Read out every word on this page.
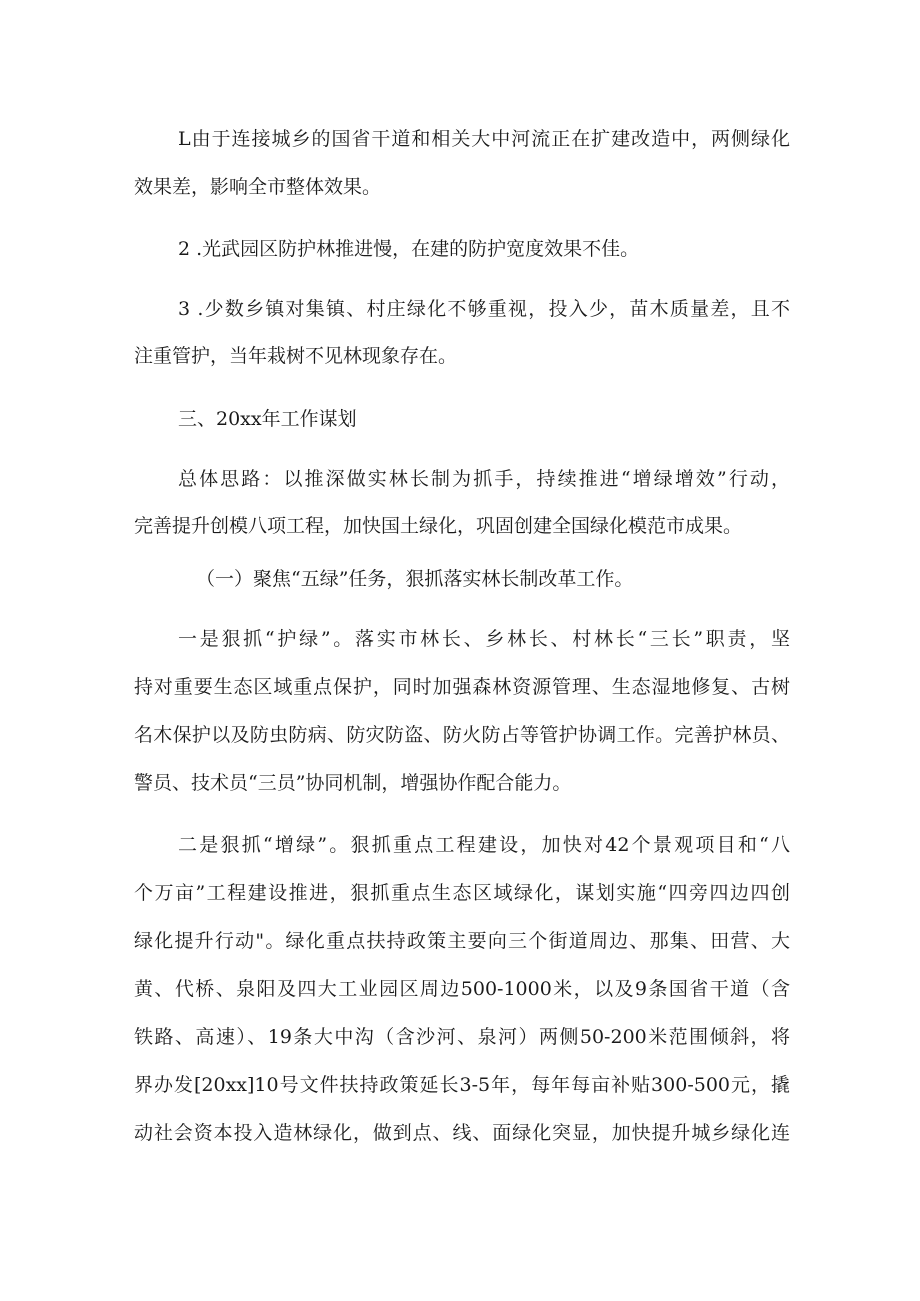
L由于连接城乡的国省干道和相关大中河流正在扩建改造中，两侧绿化
效果差，影响全市整体效果。
2 .光武园区防护林推进慢，在建的防护宽度效果不佳。
3 .少数乡镇对集镇、村庄绿化不够重视，投入少，苗木质量差，且不
注重管护，当年栽树不见林现象存在。
三、20xx年工作谋划
总体思路：以推深做实林长制为抓手，持续推进“增绿增效”行动，
完善提升创模八项工程，加快国土绿化，巩固创建全国绿化模范市成果。
（一）聚焦“五绿”任务，狠抓落实林长制改革工作。
一是狠抓“护绿”。落实市林长、乡林长、村林长“三长”职责，坚
持对重要生态区域重点保护，同时加强森林资源管理、生态湿地修复、古树
名木保护以及防虫防病、防灾防盗、防火防占等管护协调工作。完善护林员、
警员、技术员“三员”协同机制，增强协作配合能力。
二是狠抓“增绿”。狠抓重点工程建设，加快对42个景观项目和“八
个万亩”工程建设推进，狠抓重点生态区域绿化，谋划实施“四旁四边四创
绿化提升行动"。绿化重点扶持政策主要向三个街道周边、那集、田营、大
黄、代桥、泉阳及四大工业园区周边500-1000米，以及9条国省干道（含
铁路、高速）、19条大中沟（含沙河、泉河）两侧50-200米范围倾斜，将
界办发[20xx]10号文件扶持政策延长3-5年，每年每亩补贴300-500元，撬
动社会资本投入造林绿化，做到点、线、面绿化突显，加快提升城乡绿化连
